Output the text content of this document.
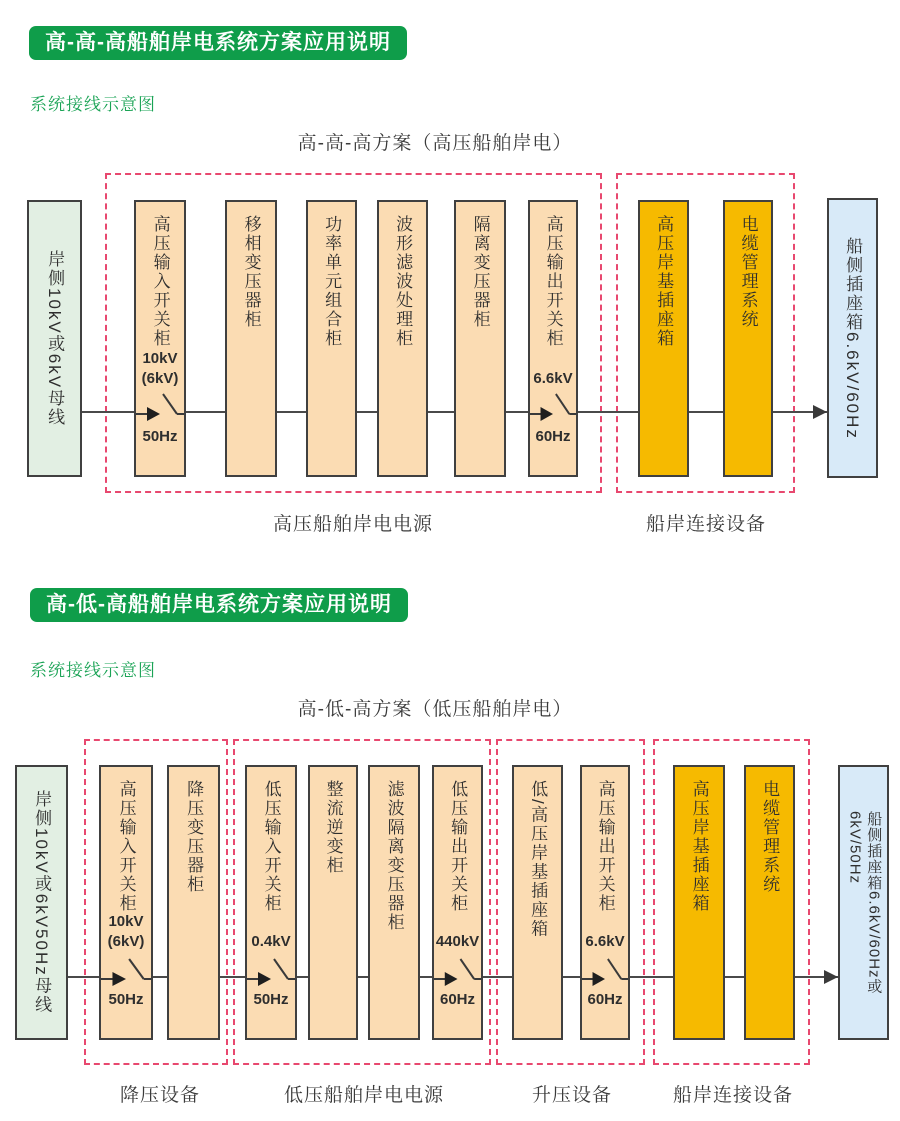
高-高-高船舶岸电系统方案应用说明
系统接线示意图
高-高-高方案（高压船舶岸电）
岸侧10kV或6kV母线	高压输入开关柜
10kV
(6kV)
50Hz
移相变压器柜	功率单元组合柜	波形滤波处理柜	隔离变压器柜	高压输出开关柜
6.6kV
60Hz
高压岸基插座箱	电缆管理系统	船侧插座箱6.6kV/60Hz
高压船舶岸电电源	船岸连接设备
高-低-高船舶岸电系统方案应用说明
系统接线示意图
高-低-高方案（低压船舶岸电）
岸侧10kV或6kV50Hz母线	高压输入开关柜
10kV
(6kV)
50Hz
降压变压器柜	低压输入开关柜
0.4kV
50Hz
整流逆变柜 滤波隔离变压器柜	低压输出开关柜
440kV
60Hz
低/高压岸基插座箱	高压输出开关柜
6.6kV
60Hz
高压岸基插座箱	电缆管理系统	船侧插座箱6.6kV/60Hz或
6kV/50Hz
降压设备	低压船舶岸电电源	升压设备	船岸连接设备
